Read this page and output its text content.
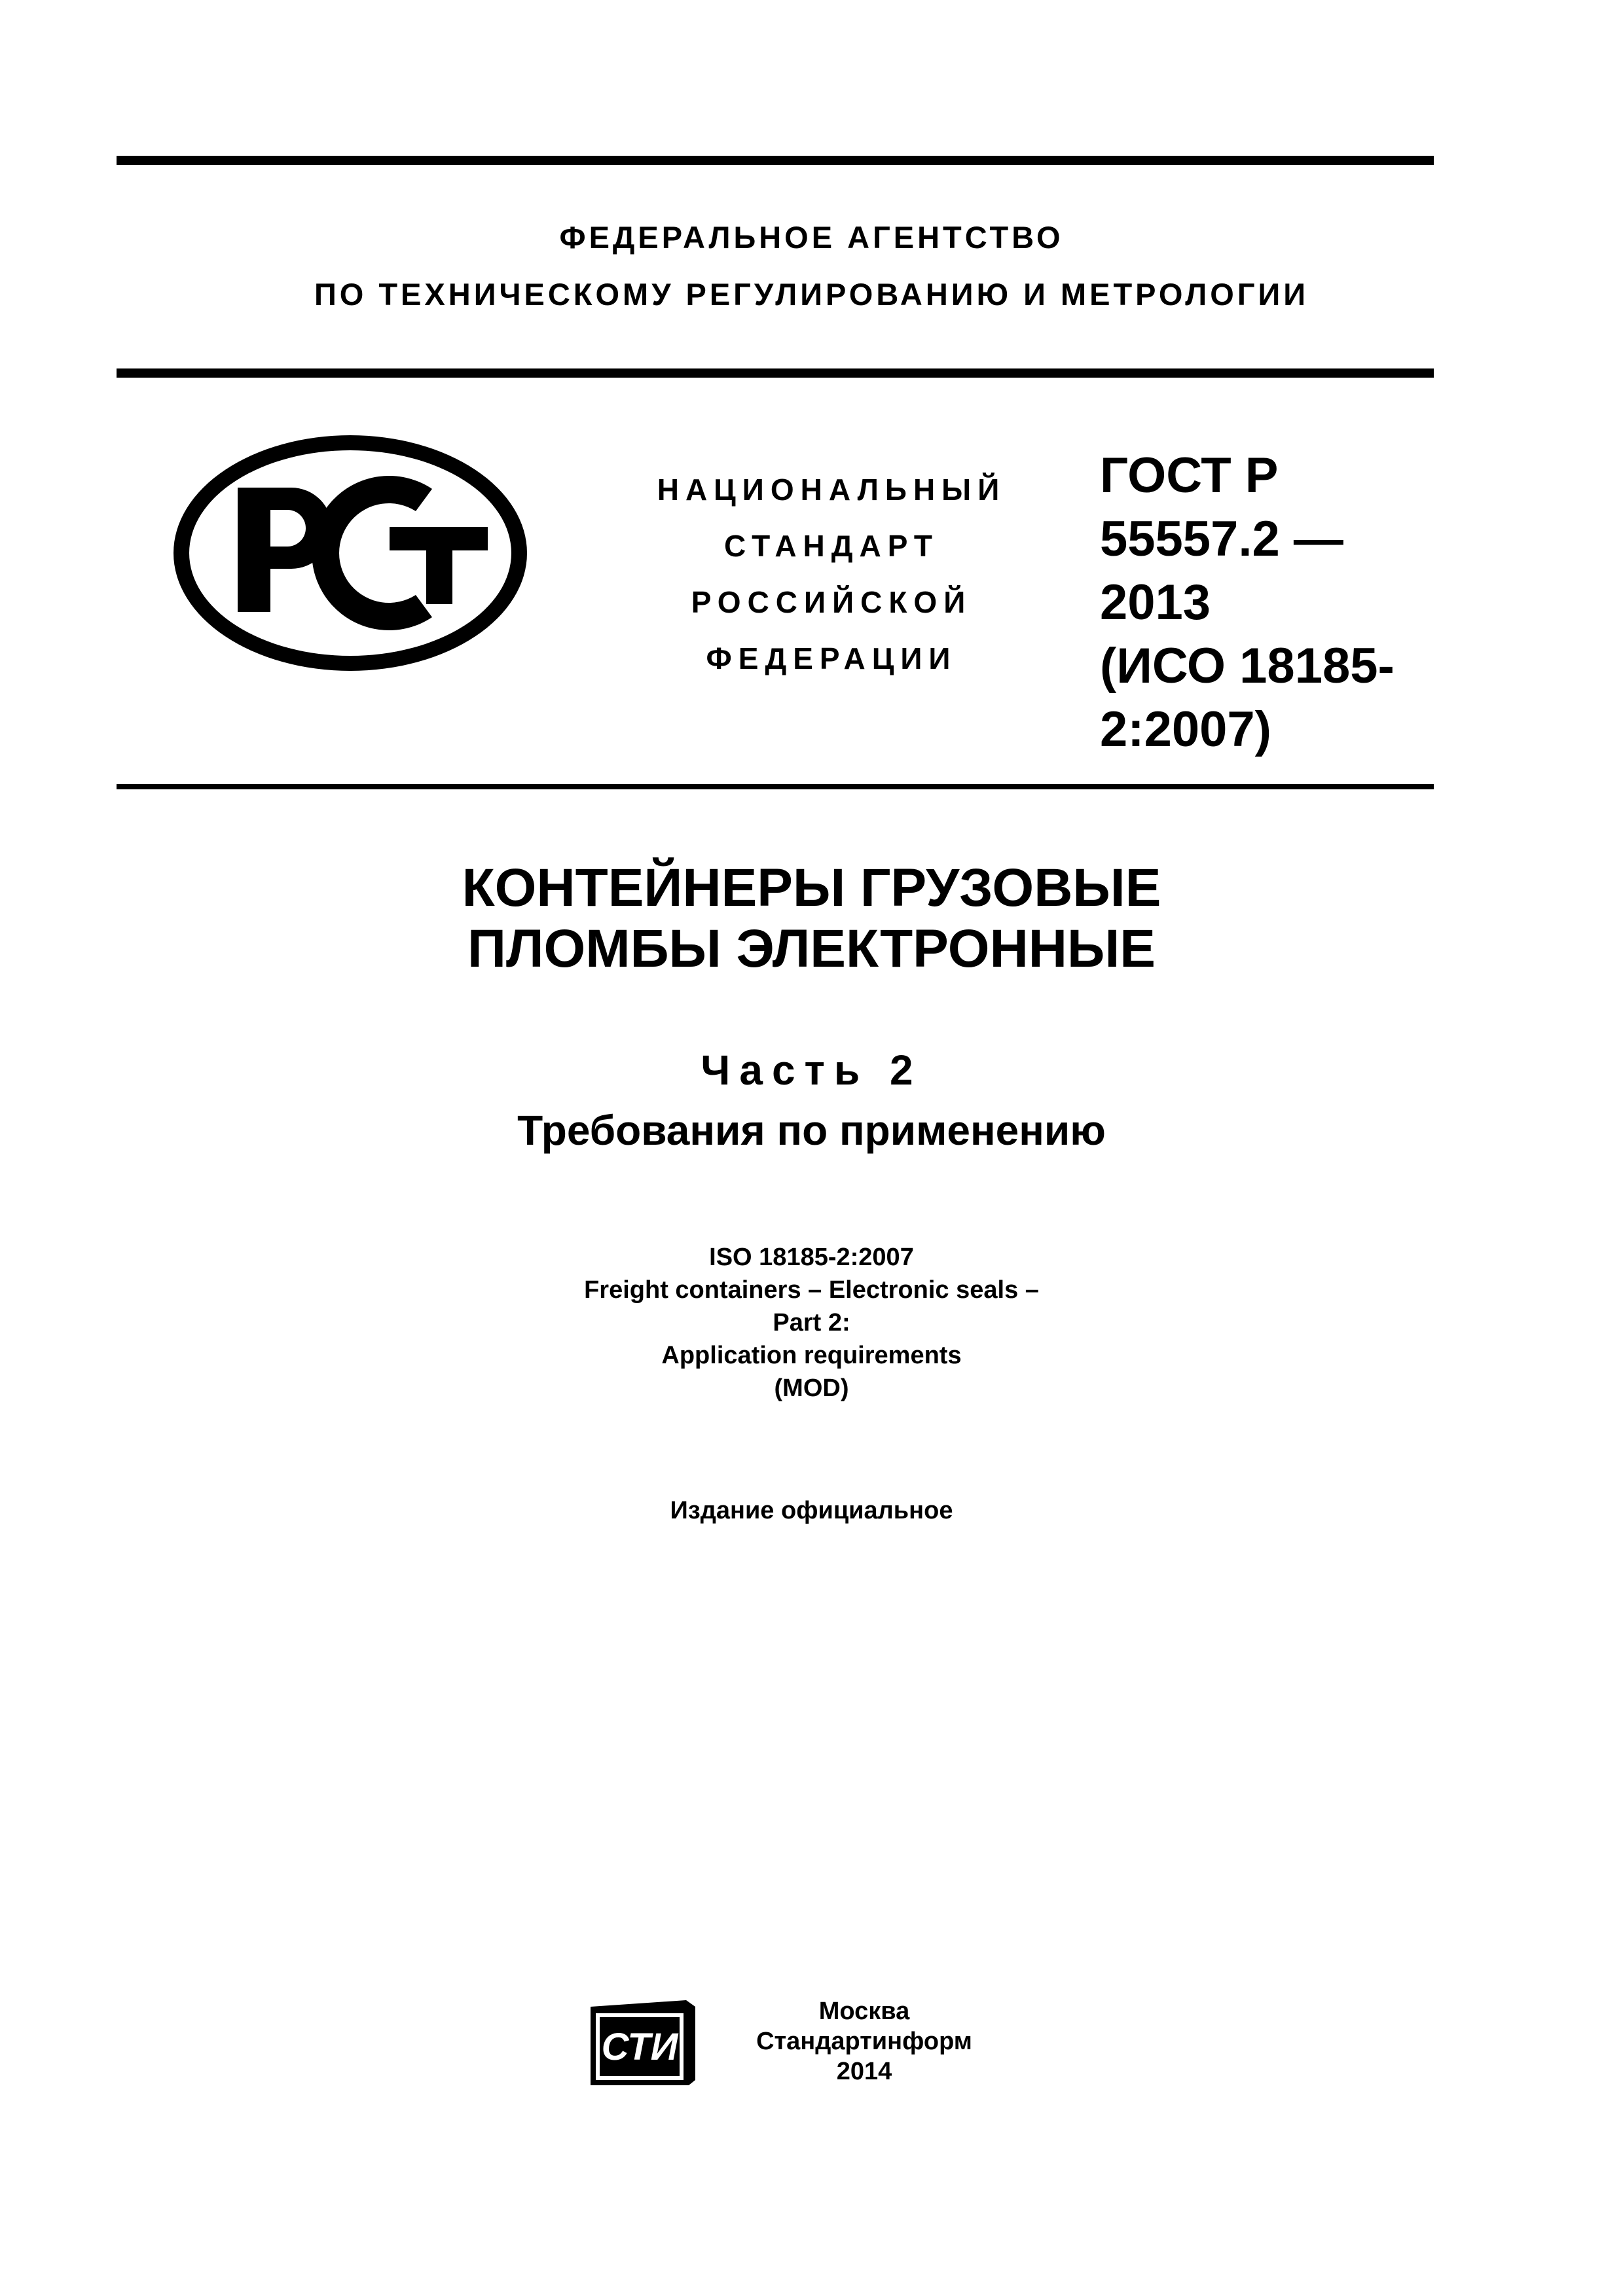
ФЕДЕРАЛЬНОЕ АГЕНТСТВО
ПО ТЕХНИЧЕСКОМУ РЕГУЛИРОВАНИЮ И МЕТРОЛОГИИ
НАЦИОНАЛЬНЫЙ
СТАНДАРТ
РОССИЙСКОЙ
ФЕДЕРАЦИИ
ГОСТ Р
55557.2 —
2013
(ИСО 18185-
2:2007)
КОНТЕЙНЕРЫ ГРУЗОВЫЕ
ПЛОМБЫ ЭЛЕКТРОННЫЕ
Часть 2
Требования по применению
ISO 18185-2:2007
Freight containers – Electronic seals –
Part 2:
Application requirements
(MOD)
Издание официальное
СТИ
Москва
Стандартинформ
2014
